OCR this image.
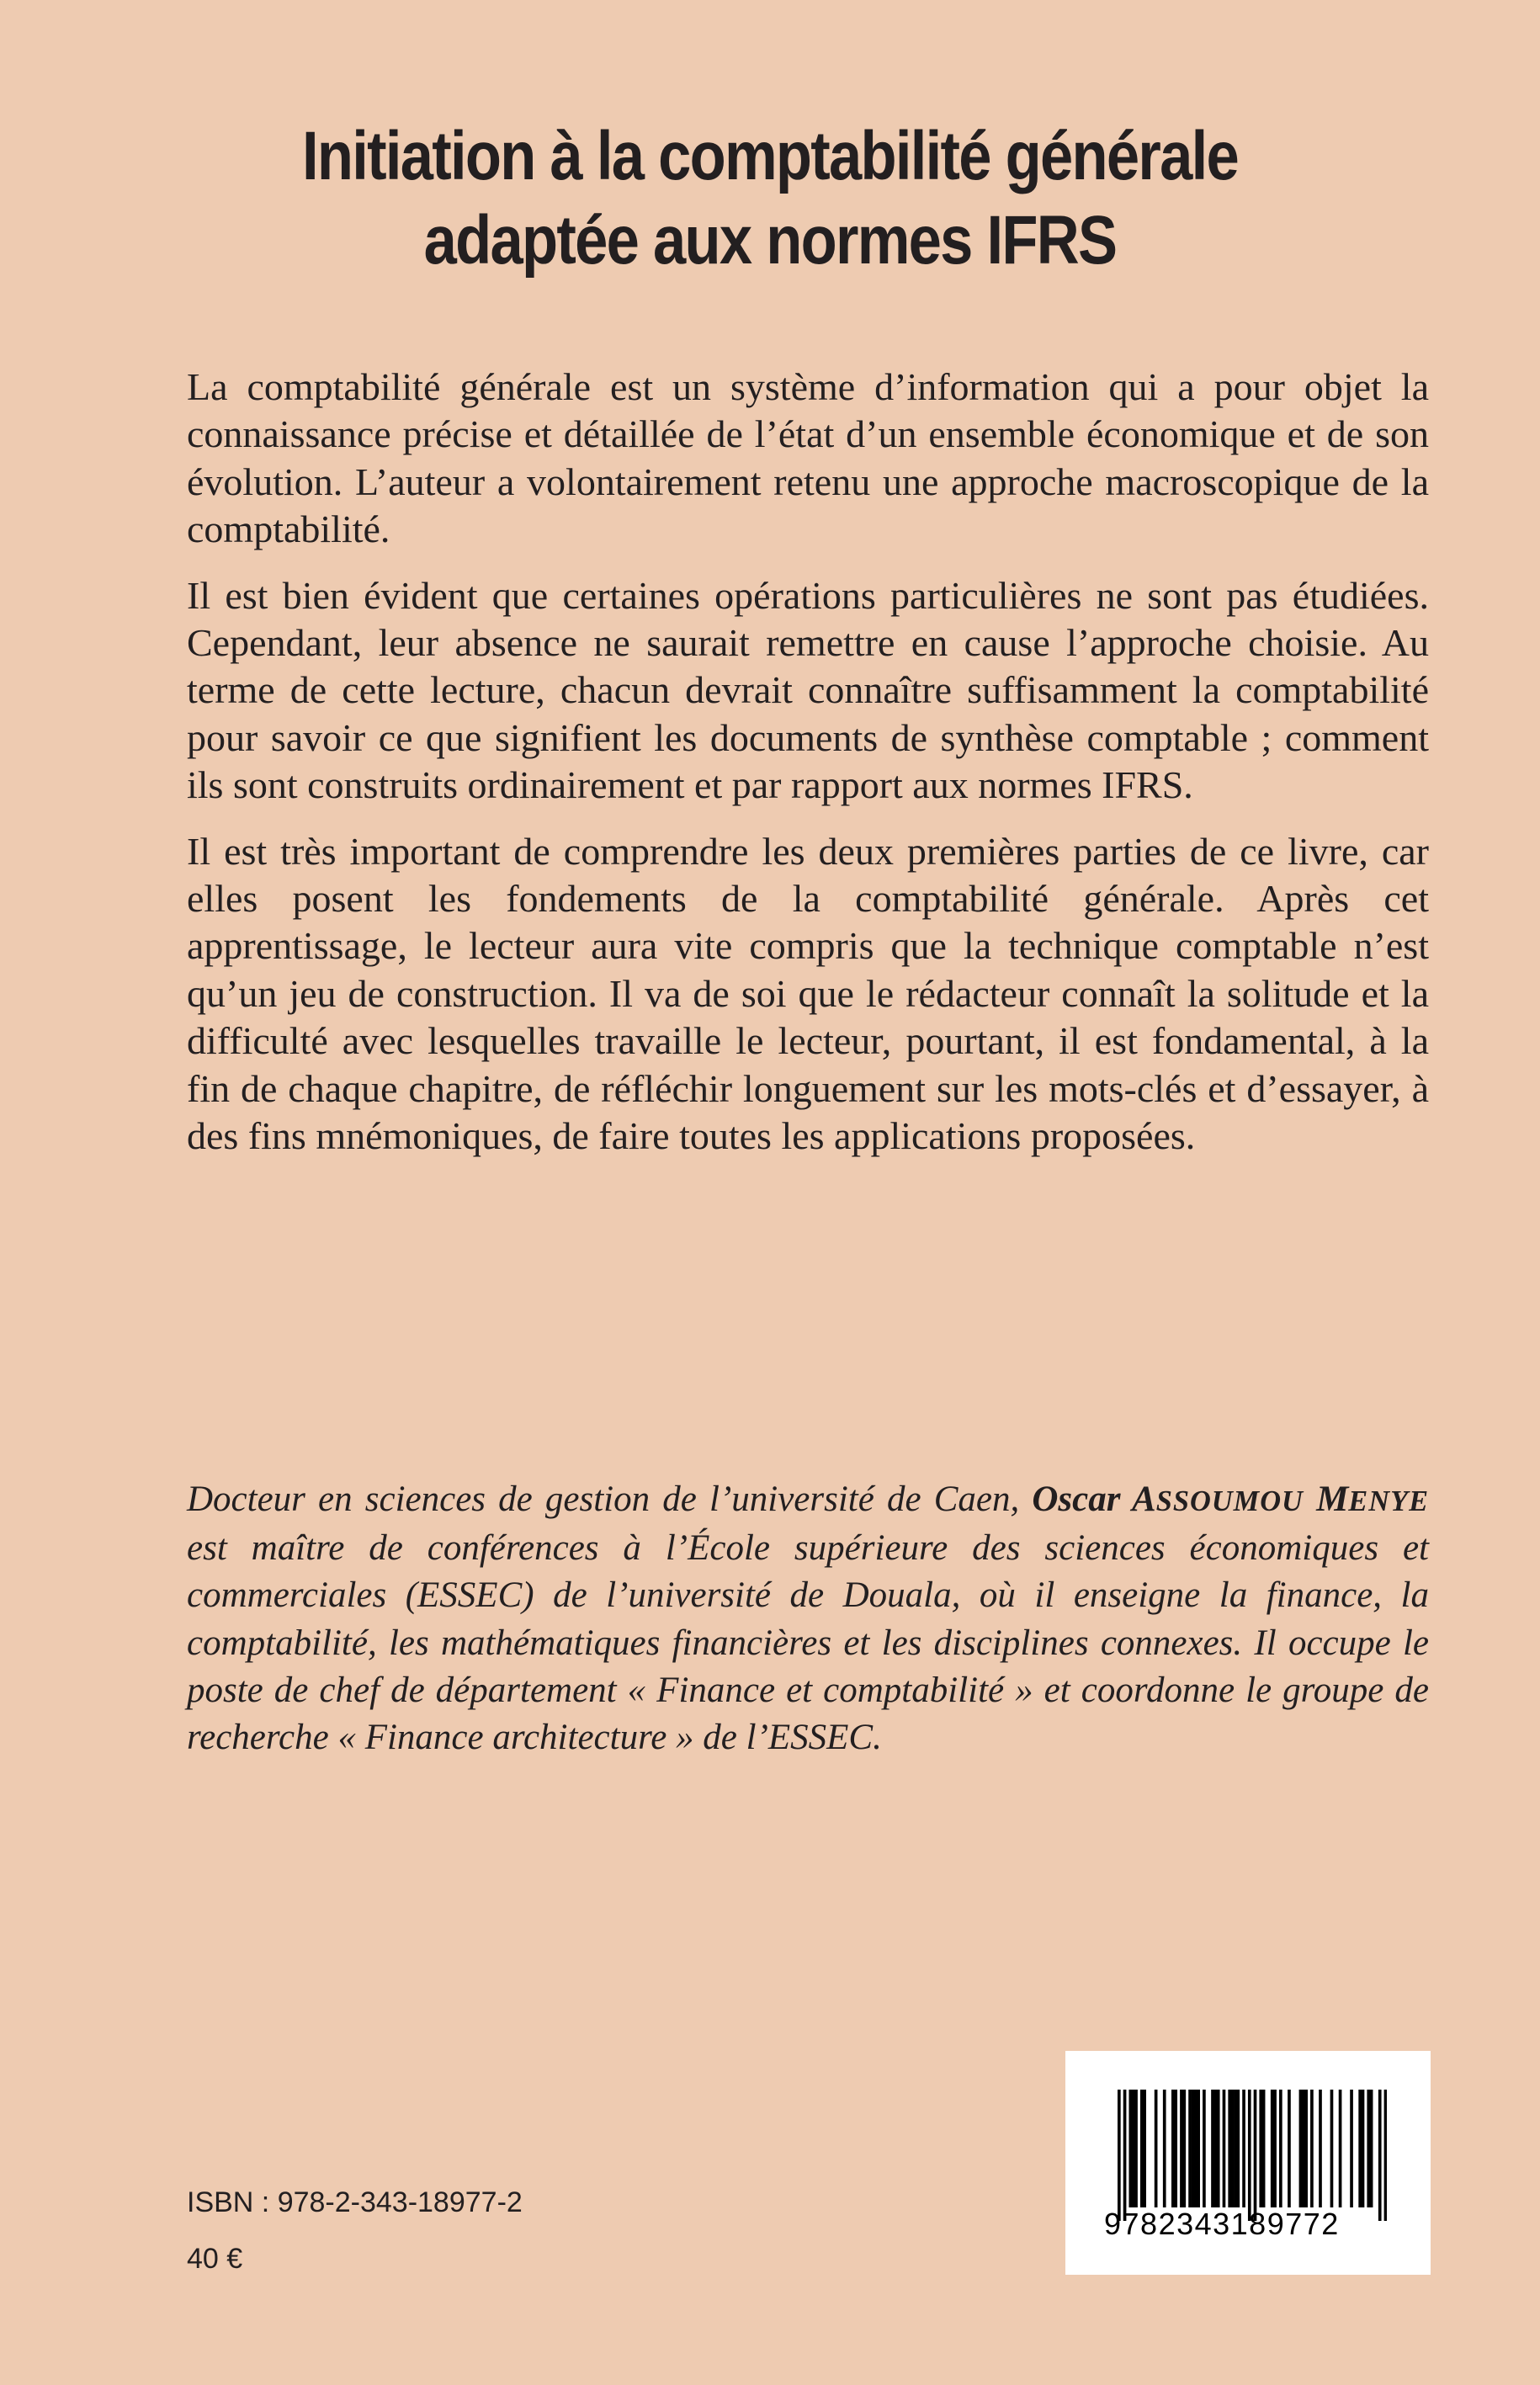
Initiation à la comptabilité générale
adaptée aux normes IFRS

La comptabilité générale est un système d’information qui a pour objet la connaissance précise et détaillée de l’état d’un ensemble économique et de son évolution. L’auteur a volontairement retenu une approche macroscopique de la comptabilité.

Il est bien évident que certaines opérations particulières ne sont pas étudiées. Cependant, leur absence ne saurait remettre en cause l’approche choisie. Au terme de cette lecture, chacun devrait connaître suffisamment la comptabilité pour savoir ce que signifient les documents de synthèse comptable ; comment ils sont construits ordinairement et par rapport aux normes IFRS.

Il est très important de comprendre les deux premières parties de ce livre, car elles posent les fondements de la comptabilité générale. Après cet apprentissage, le lecteur aura vite compris que la technique comptable n’est qu’un jeu de construction. Il va de soi que le rédacteur connaît la solitude et la difficulté avec lesquelles travaille le lecteur, pourtant, il est fondamental, à la fin de chaque chapitre, de réfléchir longuement sur les mots-clés et d’essayer, à des fins mnémoniques, de faire toutes les applications proposées.

Docteur en sciences de gestion de l’université de Caen, Oscar ASSOUMOU MENYE est maître de conférences à l’École supérieure des sciences économiques et commerciales (ESSEC) de l’université de Douala, où il enseigne la finance, la comptabilité, les mathématiques financières et les disciplines connexes. Il occupe le poste de chef de département « Finance et comptabilité » et coordonne le groupe de recherche « Finance architecture » de l’ESSEC.

ISBN : 978-2-343-18977-2

40 €

9782343189772
